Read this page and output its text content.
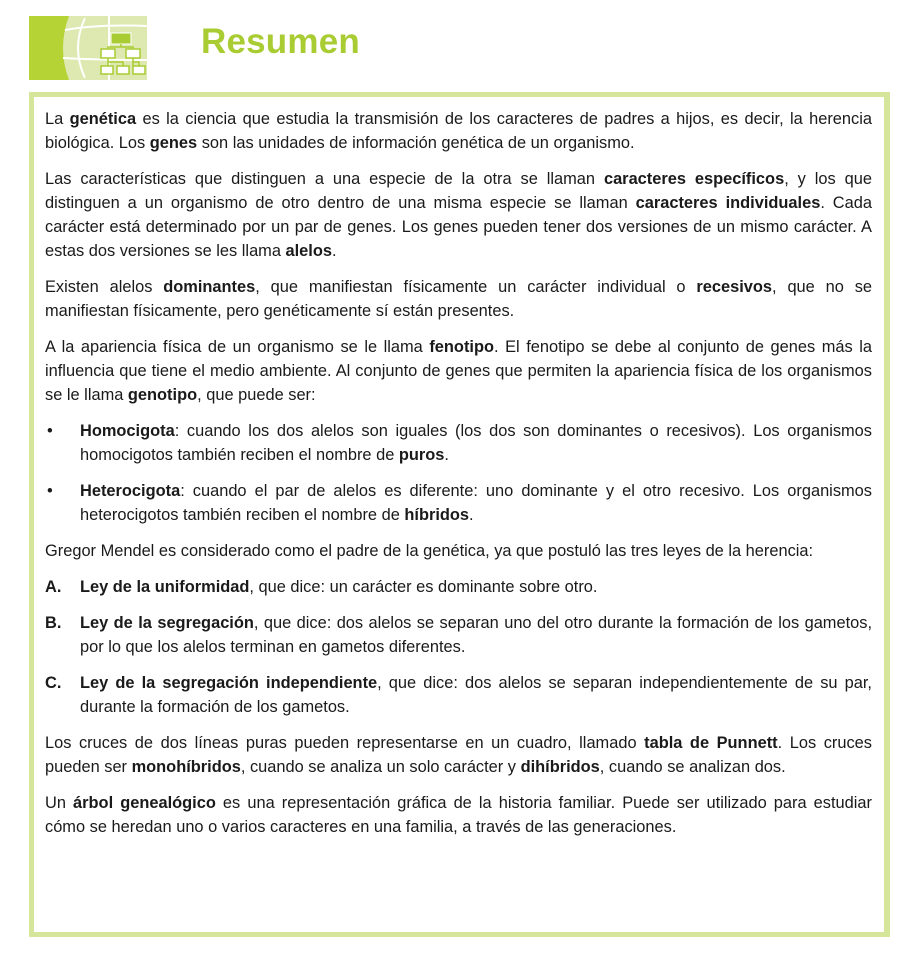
Resumen

La genética es la ciencia que estudia la transmisión de los caracteres de padres a hijos, es decir, la herencia biológica. Los genes son las unidades de información genética de un organismo.

Las características que distinguen a una especie de la otra se llaman caracteres específicos, y los que distinguen a un organismo de otro dentro de una misma especie se llaman caracteres individuales. Cada carácter está determinado por un par de genes. Los genes pueden tener dos versiones de un mismo carácter. A estas dos versiones se les llama alelos.

Existen alelos dominantes, que manifiestan físicamente un carácter individual o recesivos, que no se manifiestan físicamente, pero genéticamente sí están presentes.

A la apariencia física de un organismo se le llama fenotipo. El fenotipo se debe al conjunto de genes más la influencia que tiene el medio ambiente. Al conjunto de genes que permiten la apariencia física de los organismos se le llama genotipo, que puede ser:

• Homocigota: cuando los dos alelos son iguales (los dos son dominantes o recesivos). Los organismos homocigotos también reciben el nombre de puros.
• Heterocigota: cuando el par de alelos es diferente: uno dominante y el otro recesivo. Los organismos heterocigotos también reciben el nombre de híbridos.

Gregor Mendel es considerado como el padre de la genética, ya que postuló las tres leyes de la herencia:

A. Ley de la uniformidad, que dice: un carácter es dominante sobre otro.
B. Ley de la segregación, que dice: dos alelos se separan uno del otro durante la formación de los gametos, por lo que los alelos terminan en gametos diferentes.
C. Ley de la segregación independiente, que dice: dos alelos se separan independientemente de su par, durante la formación de los gametos.

Los cruces de dos líneas puras pueden representarse en un cuadro, llamado tabla de Punnett. Los cruces pueden ser monohíbridos, cuando se analiza un solo carácter y dihíbridos, cuando se analizan dos.

Un árbol genealógico es una representación gráfica de la historia familiar. Puede ser utilizado para estudiar cómo se heredan uno o varios caracteres en una familia, a través de las generaciones.
